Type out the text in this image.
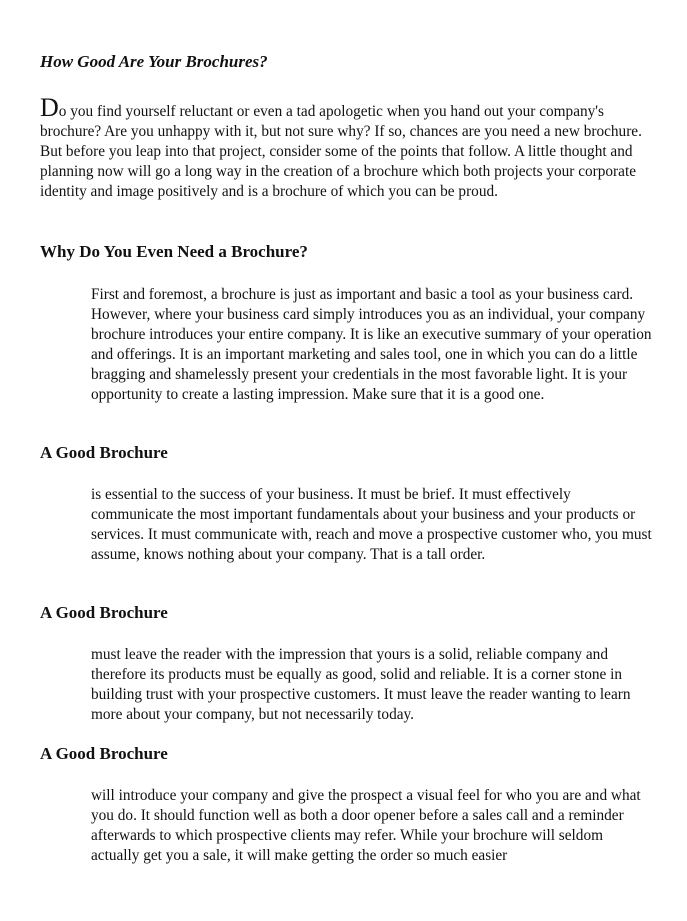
How Good Are Your Brochures?

Do you find yourself reluctant or even a tad apologetic when you hand out your company's brochure? Are you unhappy with it, but not sure why? If so, chances are you need a new brochure. But before you leap into that project, consider some of the points that follow. A little thought and planning now will go a long way in the creation of a brochure which both projects your corporate identity and image positively and is a brochure of which you can be proud.

Why Do You Even Need a Brochure?

First and foremost, a brochure is just as important and basic a tool as your business card. However, where your business card simply introduces you as an individual, your company brochure introduces your entire company. It is like an executive summary of your operation and offerings. It is an important marketing and sales tool, one in which you can do a little bragging and shamelessly present your credentials in the most favorable light. It is your opportunity to create a lasting impression. Make sure that it is a good one.

A Good Brochure

is essential to the success of your business. It must be brief. It must effectively communicate the most important fundamentals about your business and your products or services. It must communicate with, reach and move a prospective customer who, you must assume, knows nothing about your company. That is a tall order.

A Good Brochure

must leave the reader with the impression that yours is a solid, reliable company and therefore its products must be equally as good, solid and reliable. It is a corner stone in building trust with your prospective customers. It must leave the reader wanting to learn more about your company, but not necessarily today.

A Good Brochure

will introduce your company and give the prospect a visual feel for who you are and what you do. It should function well as both a door opener before a sales call and a reminder afterwards to which prospective clients may refer. While your brochure will seldom actually get you a sale, it will make getting the order so much easier
